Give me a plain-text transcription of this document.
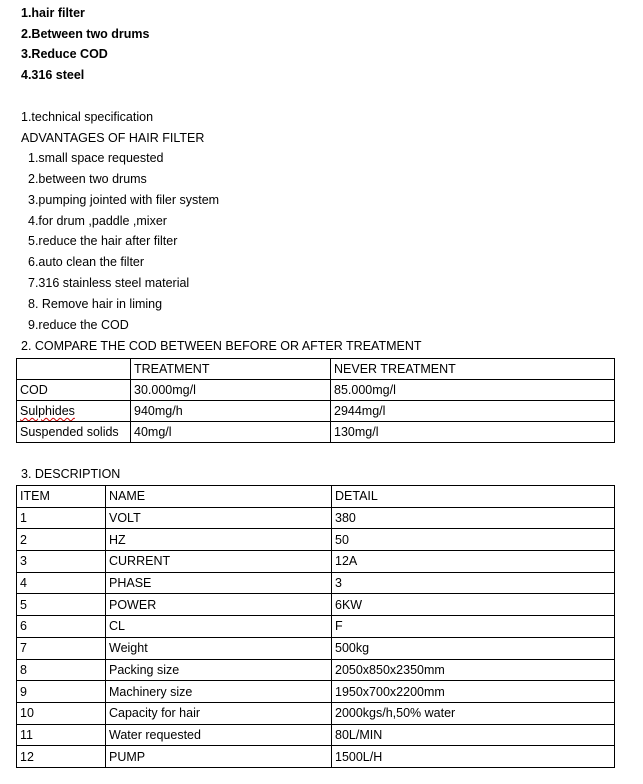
1.hair filter
2.Between two drums
3.Reduce COD
4.316 steel
1.technical specification
ADVANTAGES OF HAIR FILTER
1.small space requested
2.between two drums
3.pumping jointed with filer system
4.for drum ,paddle ,mixer
5.reduce the hair after filter
6.auto clean the filter
7.316 stainless steel material
8. Remove hair in liming
9.reduce the COD
2. COMPARE THE COD BETWEEN BEFORE OR AFTER TREATMENT
	TREATMENT	NEVER TREATMENT
COD	30.000mg/l	85.000mg/l
Sulphides	940mg/h	2944mg/l
Suspended solids	40mg/l	130mg/l
3. DESCRIPTION
ITEM	NAME	DETAIL
1	VOLT	380
2	HZ	50
3	CURRENT	12A
4	PHASE	3
5	POWER	6KW
6	CL	F
7	Weight	500kg
8	Packing size	2050x850x2350mm
9	Machinery size	1950x700x2200mm
10	Capacity for hair	2000kgs/h,50% water
11	Water requested	80L/MIN
12	PUMP	1500L/H
